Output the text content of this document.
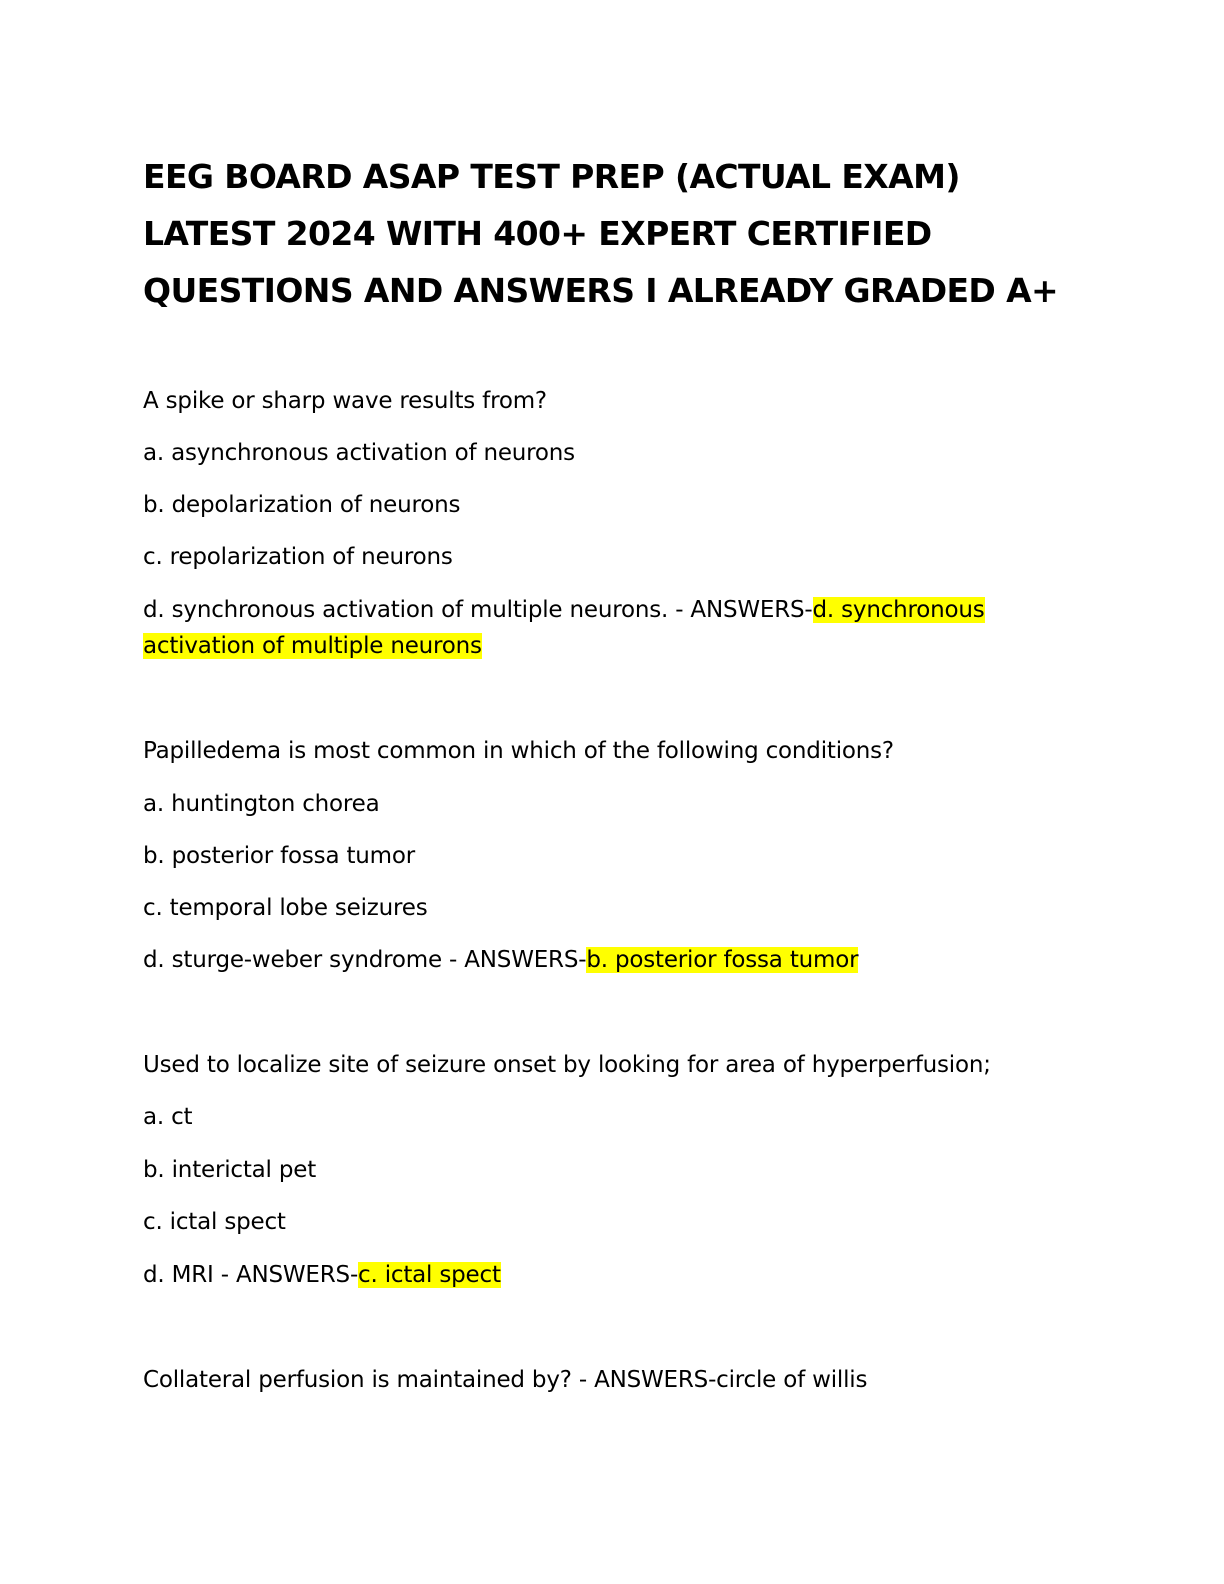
EEG BOARD ASAP TEST PREP (ACTUAL EXAM)
LATEST 2024 WITH 400+ EXPERT CERTIFIED
QUESTIONS AND ANSWERS I ALREADY GRADED A+

A spike or sharp wave results from?

a. asynchronous activation of neurons

b. depolarization of neurons

c. repolarization of neurons

d. synchronous activation of multiple neurons. - ANSWERS-d. synchronous

activation of multiple neurons

Papilledema is most common in which of the following conditions?

a. huntington chorea

b. posterior fossa tumor

c. temporal lobe seizures

d. sturge-weber syndrome - ANSWERS-b. posterior fossa tumor

Used to localize site of seizure onset by looking for area of hyperperfusion;

a. ct

b. interictal pet

c. ictal spect

d. MRI - ANSWERS-c. ictal spect

Collateral perfusion is maintained by? - ANSWERS-circle of willis
